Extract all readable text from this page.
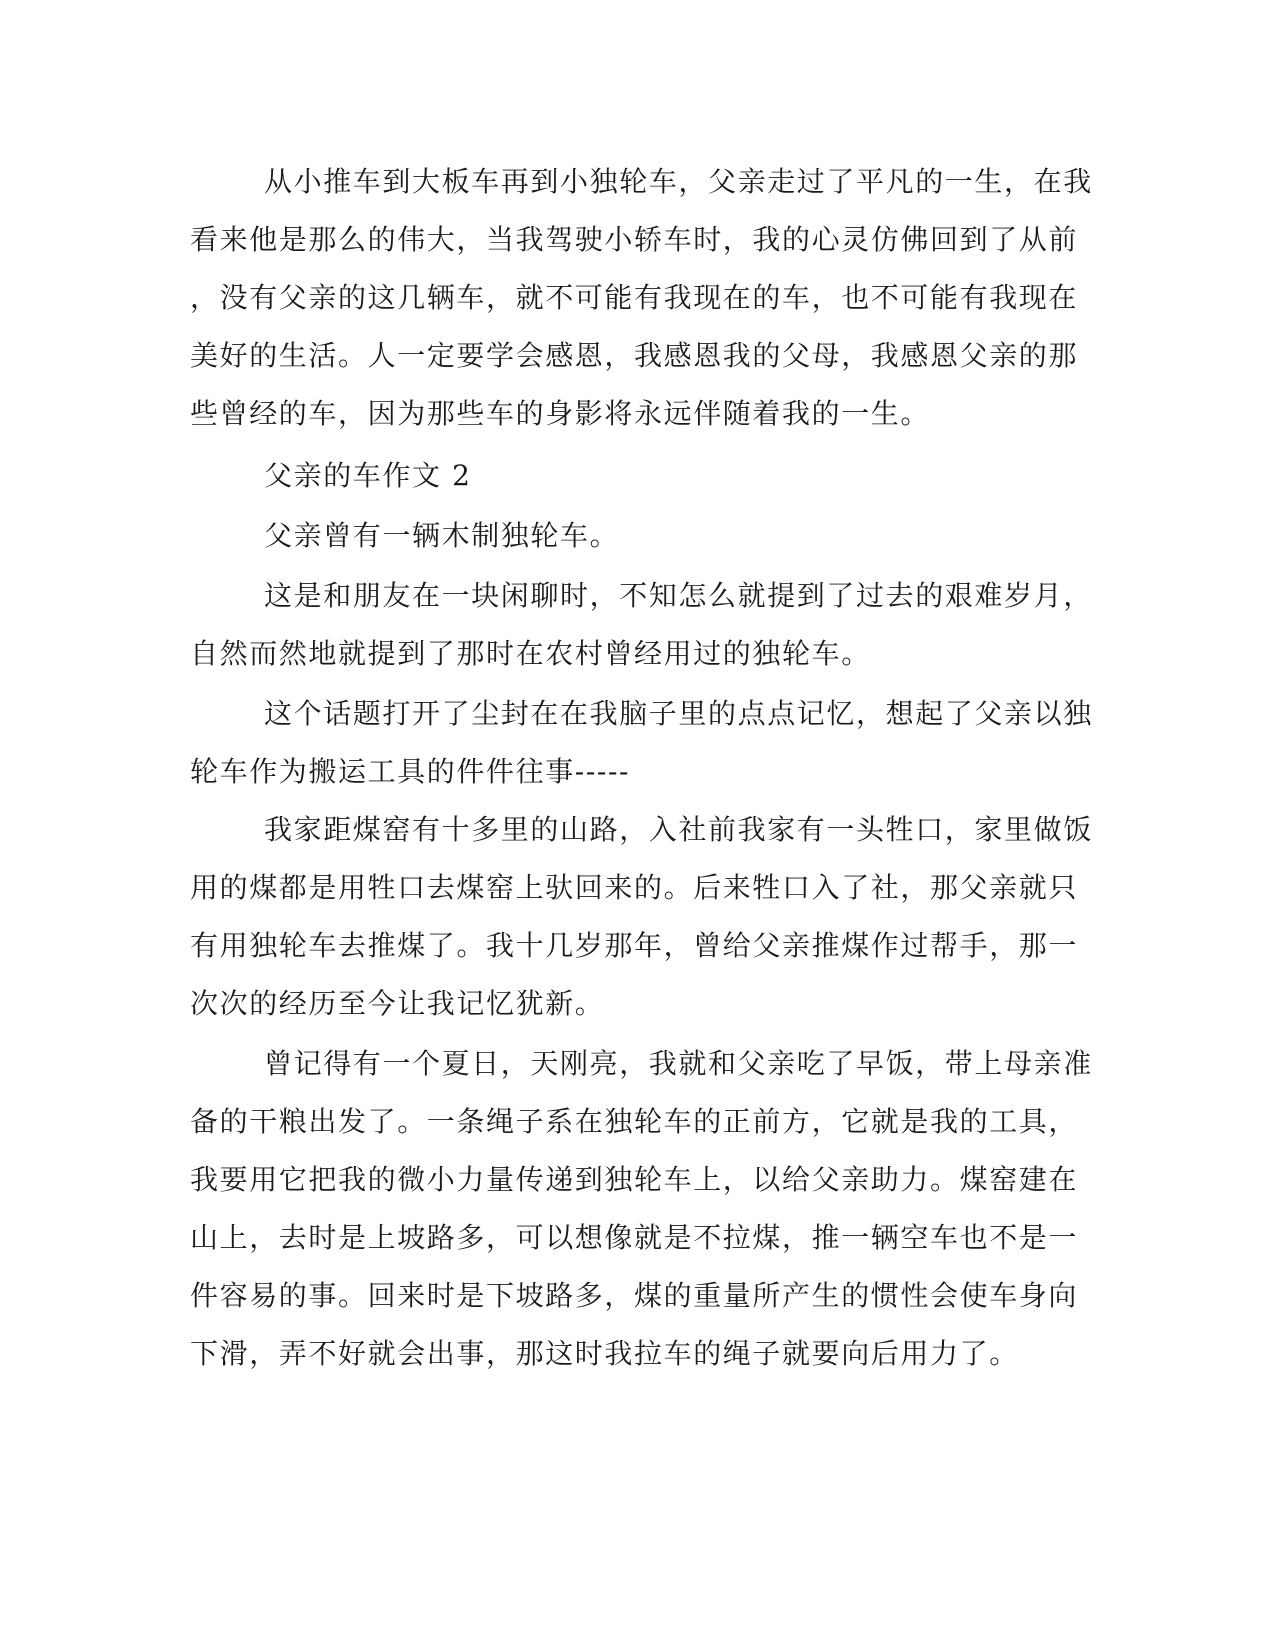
从小推车到大板车再到小独轮车，父亲走过了平凡的一生，在我
看来他是那么的伟大，当我驾驶小轿车时，我的心灵仿佛回到了从前
，没有父亲的这几辆车，就不可能有我现在的车，也不可能有我现在
美好的生活。人一定要学会感恩，我感恩我的父母，我感恩父亲的那
些曾经的车，因为那些车的身影将永远伴随着我的一生。
父亲的车作文 2
父亲曾有一辆木制独轮车。
这是和朋友在一块闲聊时，不知怎么就提到了过去的艰难岁月，
自然而然地就提到了那时在农村曾经用过的独轮车。
这个话题打开了尘封在在我脑子里的点点记忆，想起了父亲以独
轮车作为搬运工具的件件往事-----
我家距煤窑有十多里的山路，入社前我家有一头牲口，家里做饭
用的煤都是用牲口去煤窑上驮回来的。后来牲口入了社，那父亲就只
有用独轮车去推煤了。我十几岁那年，曾给父亲推煤作过帮手，那一
次次的经历至今让我记忆犹新。
曾记得有一个夏日，天刚亮，我就和父亲吃了早饭，带上母亲准
备的干粮出发了。一条绳子系在独轮车的正前方，它就是我的工具，
我要用它把我的微小力量传递到独轮车上，以给父亲助力。煤窑建在
山上，去时是上坡路多，可以想像就是不拉煤，推一辆空车也不是一
件容易的事。回来时是下坡路多，煤的重量所产生的惯性会使车身向
下滑，弄不好就会出事，那这时我拉车的绳子就要向后用力了。
